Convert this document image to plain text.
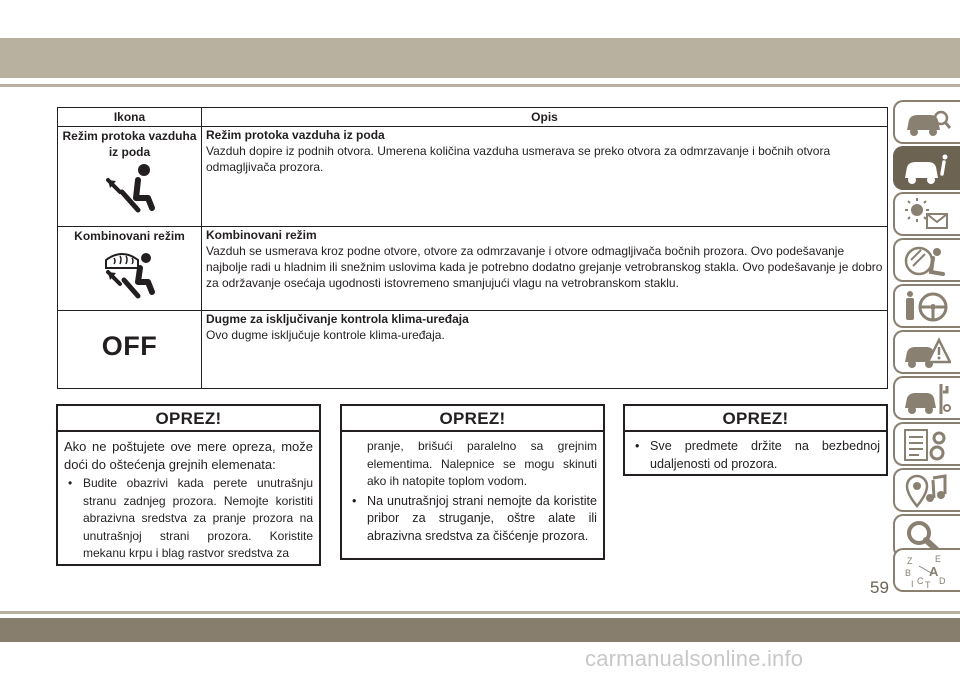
Ikona	Opis

Režim protoka vazduha iz poda	Režim protoka vazduha iz poda
Vazduh dopire iz podnih otvora. Umerena količina vazduha usmerava se preko otvora za odmrzavanje i bočnih otvora odmagljivača prozora.

Kombinovani režim	Kombinovani režim
Vazduh se usmerava kroz podne otvore, otvore za odmrzavanje i otvore odmagljivača bočnih prozora. Ovo podešavanje najbolje radi u hladnim ili snežnim uslovima kada je potrebno dodatno grejanje vetrobranskog stakla. Ovo podešavanje je dobro za održavanje osećaja ugodnosti istovremeno smanjujući vlagu na vetrobranskom staklu.

OFF	Dugme za isključivanje kontrola klima-uređaja
Ovo dugme isključuje kontrole klima-uređaja.
OPREZ!

Ako ne poštujete ove mere opreza, može doći do oštećenja grejnih elemenata:

• Budite obazrivi kada perete unutrašnju stranu zadnjeg prozora. Nemojte koristiti abrazivna sredstva za pranje prozora na unutrašnjoj strani prozora. Koristite mekanu krpu i blag rastvor sredstva za

OPREZ!

pranje, brišući paralelno sa grejnim elementima. Nalepnice se mogu skinuti ako ih natopite toplom vodom.

• Na unutrašnjoj strani nemojte da koristite pribor za struganje, oštre alate ili abrazivna sredstva za čišćenje prozora.

OPREZ!

• Sve predmete držite na bezbednoj udaljenosti od prozora.

Z	E
B A
I C T D
59
carmanualsonline.info
